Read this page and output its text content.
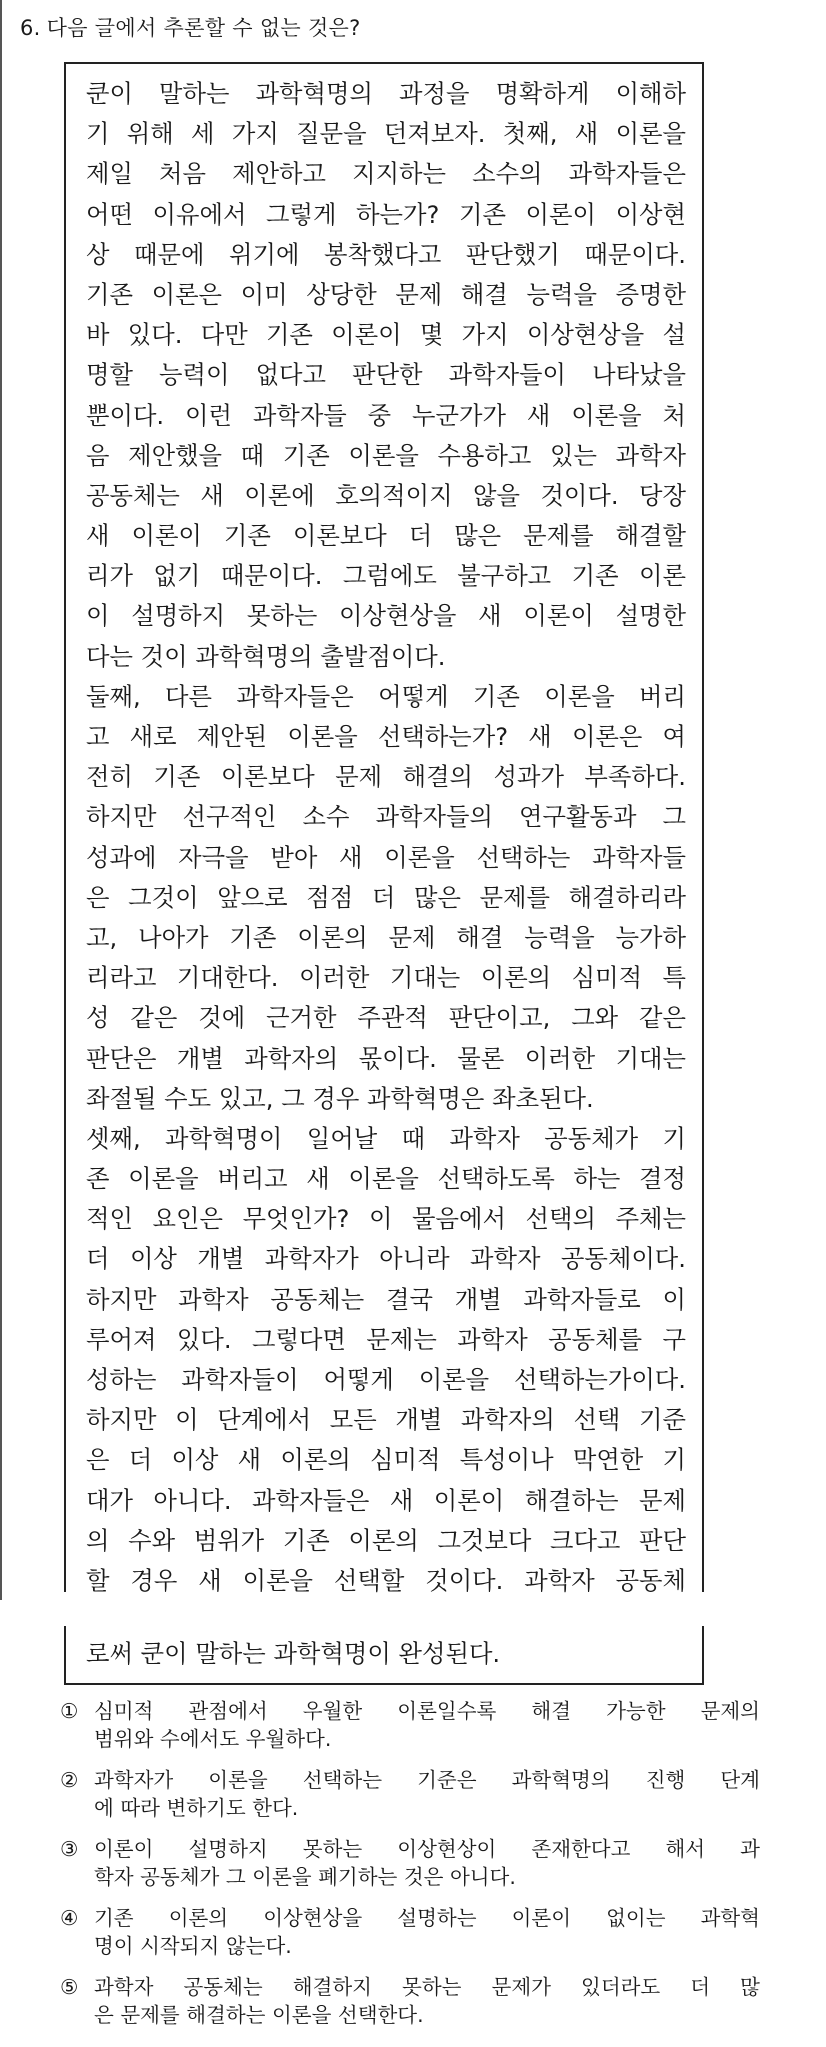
6. 다음 글에서 추론할 수 없는 것은?
쿤이 말하는 과학혁명의 과정을 명확하게 이해하
기 위해 세 가지 질문을 던져보자. 첫째, 새 이론을
제일 처음 제안하고 지지하는 소수의 과학자들은
어떤 이유에서 그렇게 하는가? 기존 이론이 이상현
상 때문에 위기에 봉착했다고 판단했기 때문이다.
기존 이론은 이미 상당한 문제 해결 능력을 증명한
바 있다. 다만 기존 이론이 몇 가지 이상현상을 설
명할 능력이 없다고 판단한 과학자들이 나타났을
뿐이다. 이런 과학자들 중 누군가가 새 이론을 처
음 제안했을 때 기존 이론을 수용하고 있는 과학자
공동체는 새 이론에 호의적이지 않을 것이다. 당장
새 이론이 기존 이론보다 더 많은 문제를 해결할
리가 없기 때문이다. 그럼에도 불구하고 기존 이론
이 설명하지 못하는 이상현상을 새 이론이 설명한
다는 것이 과학혁명의 출발점이다.
둘째, 다른 과학자들은 어떻게 기존 이론을 버리
고 새로 제안된 이론을 선택하는가? 새 이론은 여
전히 기존 이론보다 문제 해결의 성과가 부족하다.
하지만 선구적인 소수 과학자들의 연구활동과 그
성과에 자극을 받아 새 이론을 선택하는 과학자들
은 그것이 앞으로 점점 더 많은 문제를 해결하리라
고, 나아가 기존 이론의 문제 해결 능력을 능가하
리라고 기대한다. 이러한 기대는 이론의 심미적 특
성 같은 것에 근거한 주관적 판단이고, 그와 같은
판단은 개별 과학자의 몫이다. 물론 이러한 기대는
좌절될 수도 있고, 그 경우 과학혁명은 좌초된다.
셋째, 과학혁명이 일어날 때 과학자 공동체가 기
존 이론을 버리고 새 이론을 선택하도록 하는 결정
적인 요인은 무엇인가? 이 물음에서 선택의 주체는
더 이상 개별 과학자가 아니라 과학자 공동체이다.
하지만 과학자 공동체는 결국 개별 과학자들로 이
루어져 있다. 그렇다면 문제는 과학자 공동체를 구
성하는 과학자들이 어떻게 이론을 선택하는가이다.
하지만 이 단계에서 모든 개별 과학자의 선택 기준
은 더 이상 새 이론의 심미적 특성이나 막연한 기
대가 아니다. 과학자들은 새 이론이 해결하는 문제
의 수와 범위가 기존 이론의 그것보다 크다고 판단
할 경우 새 이론을 선택할 것이다. 과학자 공동체
로써 쿤이 말하는 과학혁명이 완성된다.
① 심미적 관점에서 우월한 이론일수록 해결 가능한 문제의
범위와 수에서도 우월하다.
② 과학자가 이론을 선택하는 기준은 과학혁명의 진행 단계
에 따라 변하기도 한다.
③ 이론이 설명하지 못하는 이상현상이 존재한다고 해서 과
학자 공동체가 그 이론을 폐기하는 것은 아니다.
④ 기존 이론의 이상현상을 설명하는 이론이 없이는 과학혁
명이 시작되지 않는다.
⑤ 과학자 공동체는 해결하지 못하는 문제가 있더라도 더 많
은 문제를 해결하는 이론을 선택한다.
